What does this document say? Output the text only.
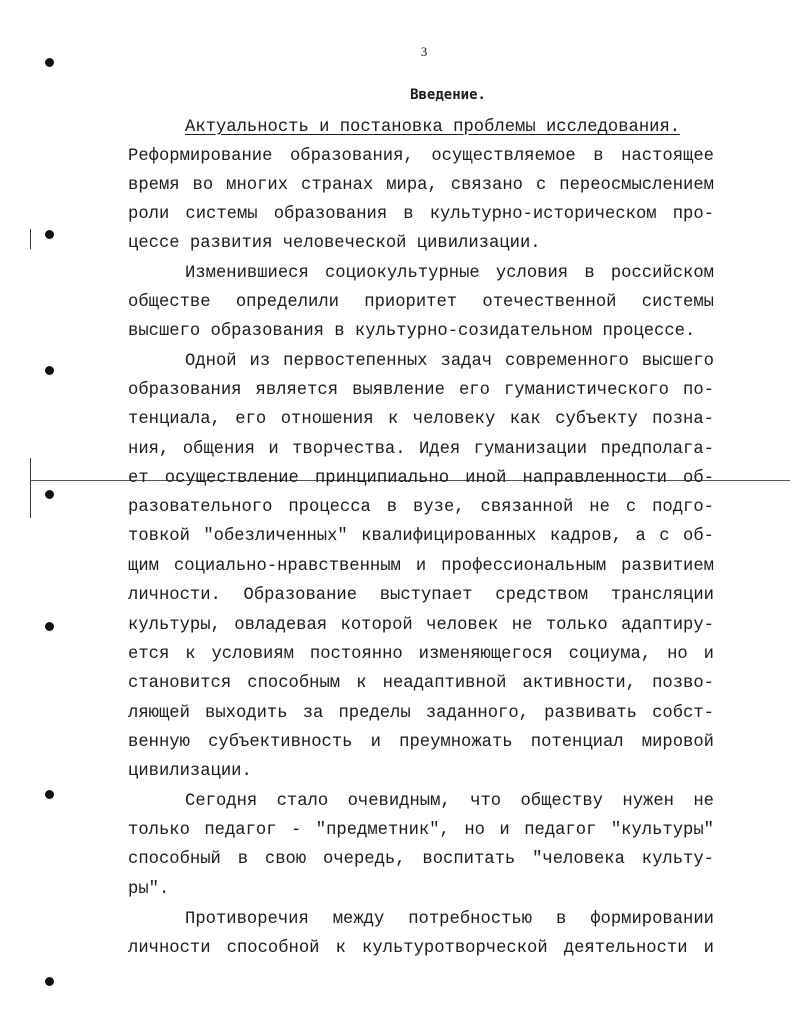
3
Введение.
Актуальность и постановка проблемы исследования.
Реформирование образования, осуществляемое в настоящее
время во многих странах мира, связано с переосмыслением
роли системы образования в культурно-историческом про-
цессе развития человеческой цивилизации.
Изменившиеся социокультурные условия в российском
обществе определили приоритет отечественной системы
высшего образования в культурно-созидательном процессе.
Одной из первостепенных задач современного высшего
образования является выявление его гуманистического по-
тенциала, его отношения к человеку как субъекту позна-
ния, общения и творчества. Идея гуманизации предполага-
ет осуществление принципиально иной направленности об-
разовательного процесса в вузе, связанной не с подго-
товкой "обезличенных" квалифицированных кадров, а с об-
щим социально-нравственным и профессиональным развитием
личности. Образование выступает средством трансляции
культуры, овладевая которой человек не только адаптиру-
ется к условиям постоянно изменяющегося социума, но и
становится способным к неадаптивной активности, позво-
ляющей выходить за пределы заданного, развивать собст-
венную субъективность и преумножать потенциал мировой
цивилизации.
Сегодня стало очевидным, что обществу нужен не
только педагог - "предметник", но и педагог "культуры"
способный в свою очередь, воспитать "человека культу-
ры".
Противоречия между потребностью в формировании
личности способной к культуротворческой деятельности и
